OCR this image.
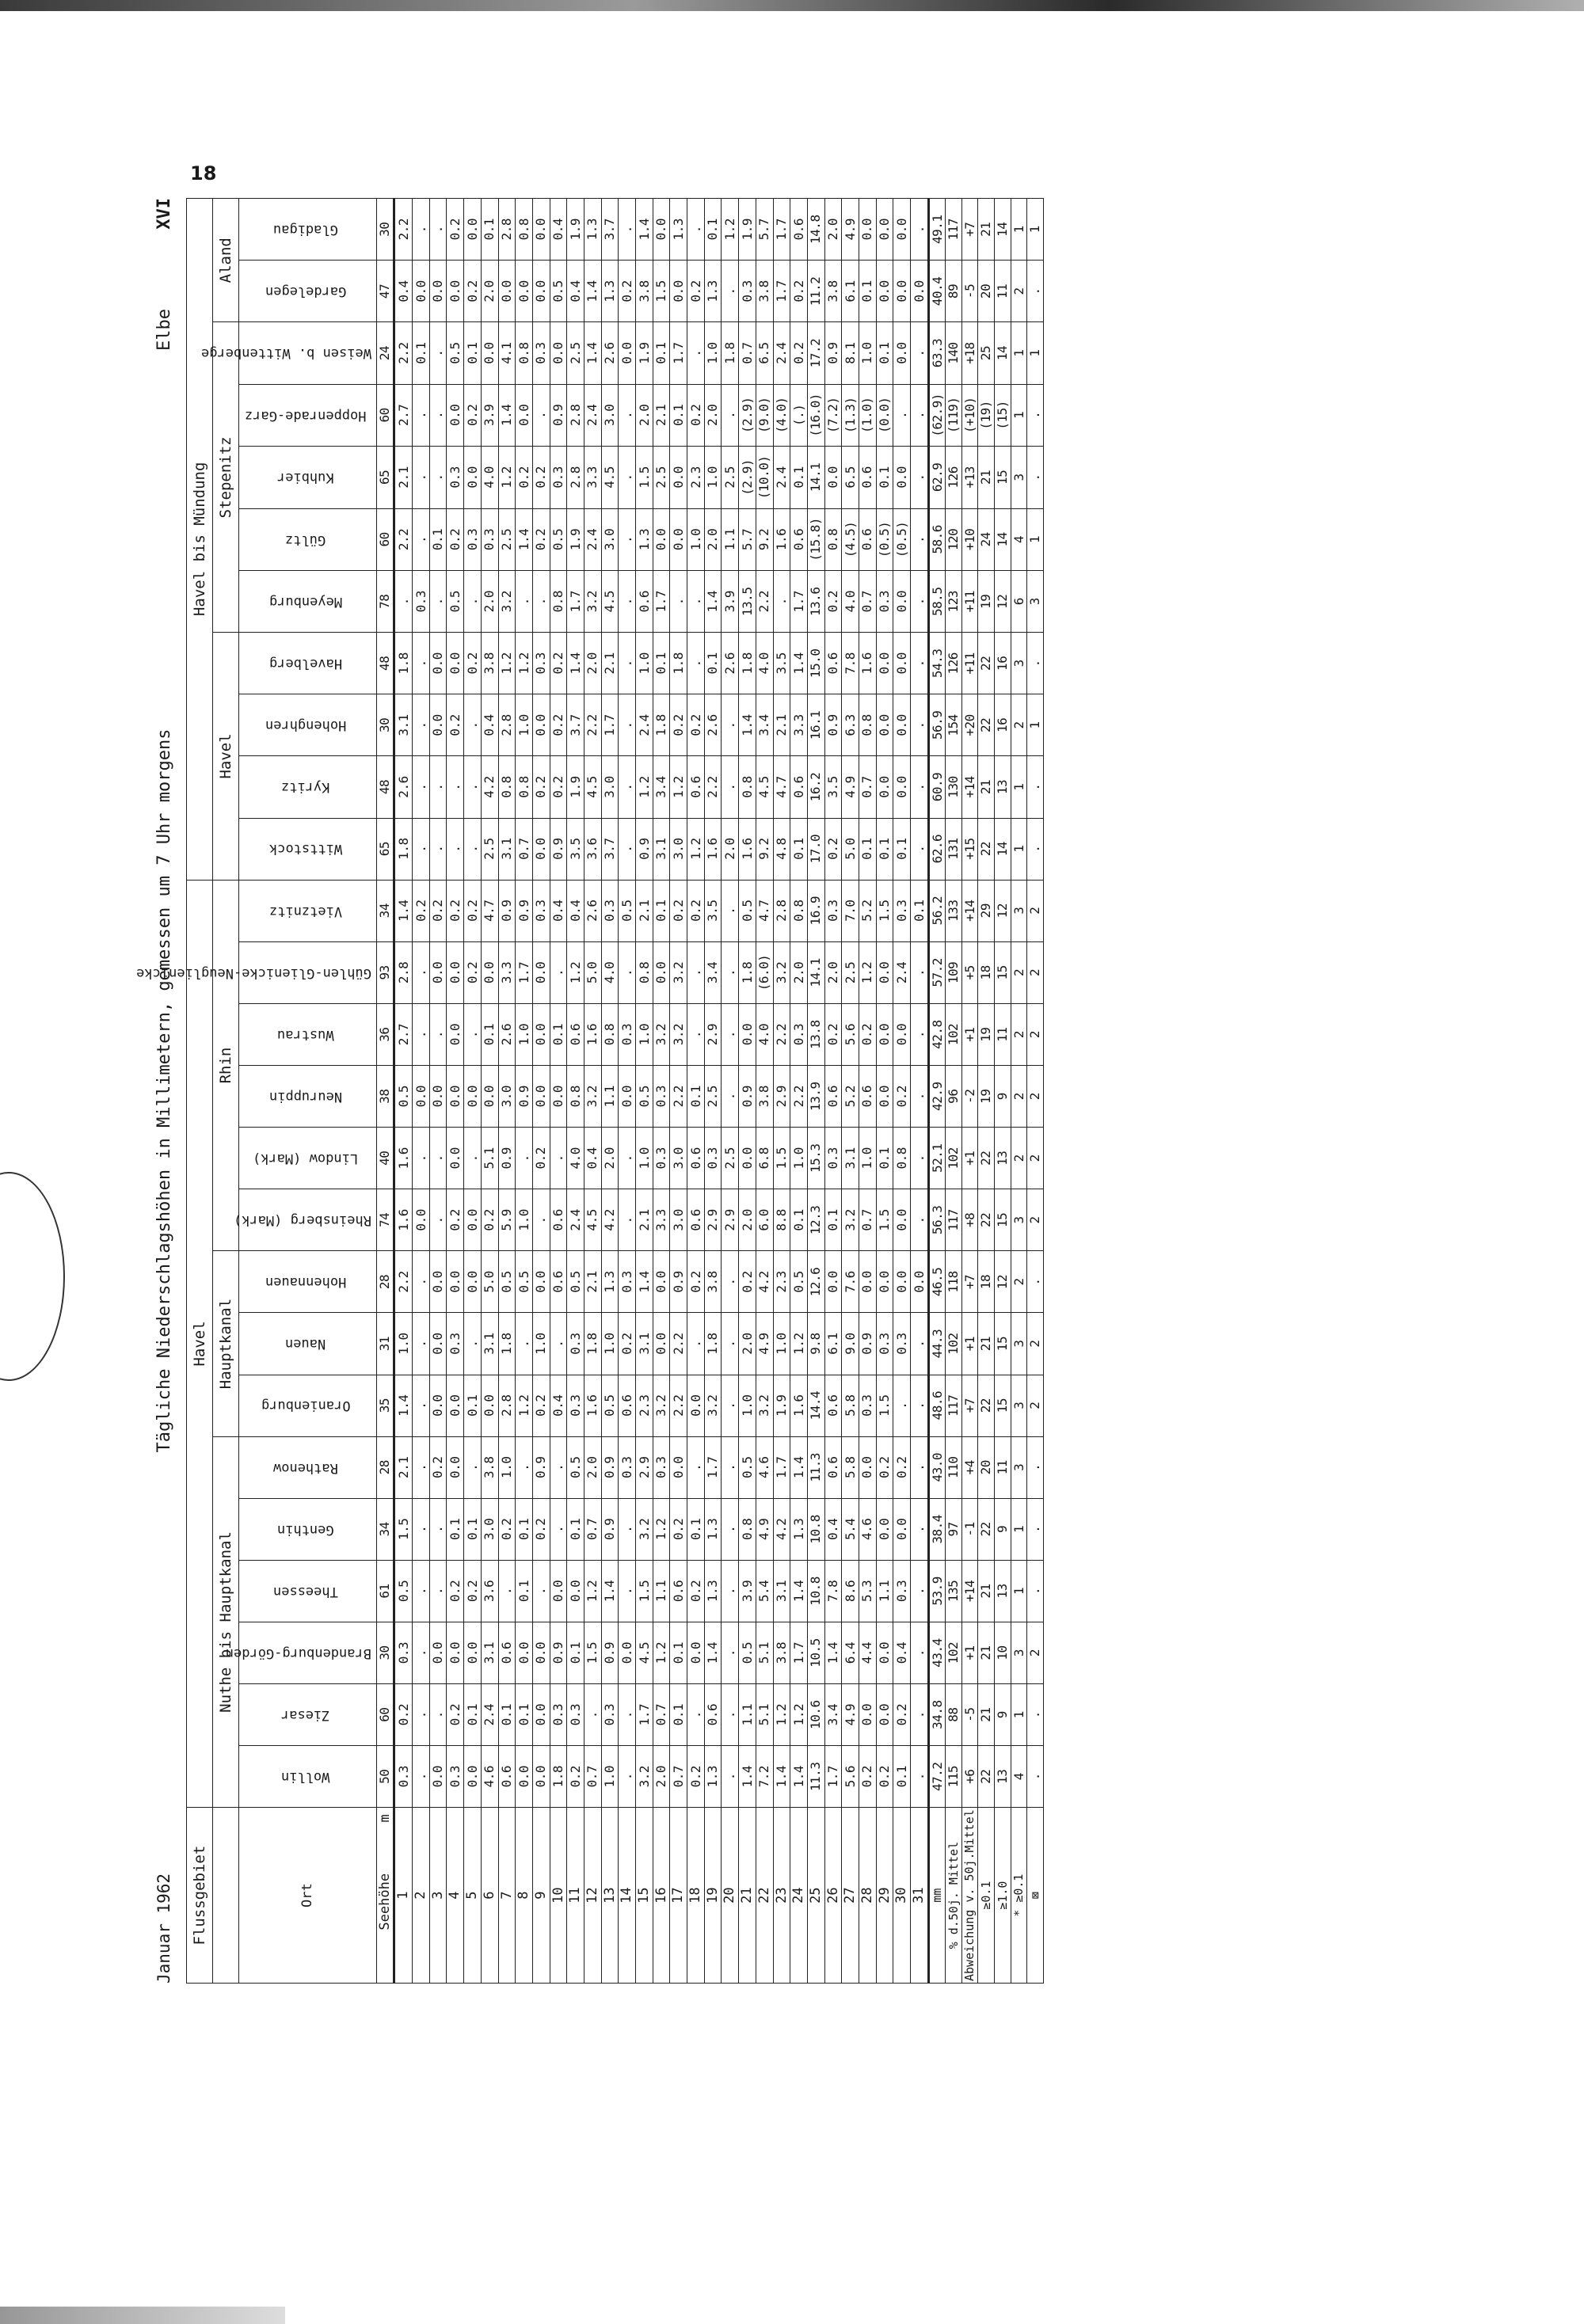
18
Januar 1962
Tägliche Niederschlagshöhen in Millimetern, gemessen um 7 Uhr morgens
Elbe
XVI
Flussgebiet	Havel															Havel bis Mündung										
	Nuthe bis Hauptkanal						Hauptkanal			Rhin						Havel				Stepenitz					Aland	
Ort	Wollin	Ziesar	Brandenburg-Görden	Theessen	Genthin	Rathenow	Oranienburg	Nauen	Hohennauen	Rheinsberg (Mark)	Lindow (Mark)	Neuruppin	Wustrau	Gühlen-Glienicke-Neuglienicke	Vietznitz	Wittstock	Kyritz	Hohenghren	Havelberg	Meyenburg	Gültz	Kuhbier	Hoppenrade-Garz	Weisen b. Wittenberge	Gardelegen	Gladigau
Seehöhe
m	50	60	30	61	34	28	35	31	28	74	40	38	36	93	34	65	48	30	48	78	60	65	60	24	47	30
1	0.3	0.2	0.3	0.5	1.5	2.1	1.4	1.0	2.2	1.6	1.6	0.5	2.7	2.8	1.4	1.8	2.6	3.1	1.8	.	2.2	2.1	2.7	2.2	0.4	2.2
2	.	.	.	.	.	.	.	.	.	0.0	.	0.0	.	.	0.2	.	.	.	.	0.3	.	.	.	0.1	0.0	.
3	0.0	.	0.0	.	.	0.2	0.0	0.0	0.0	.	.	0.0	.	0.0	0.2	.	.	0.0	0.0	.	0.1	.	.	.	0.0	.
4	0.3	0.2	0.0	0.2	0.1	0.0	0.0	0.3	0.0	0.2	0.0	0.0	0.0	0.0	0.2	.	.	0.2	0.0	0.5	0.2	0.3	0.0	0.5	0.0	0.2
5	0.0	0.1	0.0	0.2	0.1	.	0.1	.	0.0	0.0	.	0.0	.	0.2	0.2	.	.	.	0.2	.	0.3	0.0	0.2	0.1	0.2	0.0
6	4.6	2.4	3.1	3.6	3.0	3.8	0.0	3.1	5.0	0.2	5.1	0.0	0.1	0.0	4.7	2.5	4.2	0.4	3.8	2.0	0.3	4.0	3.9	0.0	2.0	0.1
7	0.6	0.1	0.6	.	0.2	1.0	2.8	1.8	0.5	5.9	0.9	3.0	2.6	3.3	0.9	3.1	0.8	2.8	1.2	3.2	2.5	1.2	1.4	4.1	0.0	2.8
8	0.0	0.1	0.0	0.1	0.1	.	1.2	.	0.5	1.0	.	0.9	1.0	1.7	0.9	0.7	0.8	1.0	1.2	.	1.4	0.2	0.0	0.8	0.0	0.8
9	0.0	0.0	0.0	.	0.2	0.9	0.2	1.0	0.0	.	0.2	0.0	0.0	0.0	0.3	0.0	0.2	0.0	0.3	.	0.2	0.2	.	0.3	0.0	0.0
10	1.8	0.3	0.9	0.0	.	.	0.4	.	0.6	0.6	.	0.0	0.1	.	0.4	0.9	0.2	0.2	0.2	0.8	0.5	0.3	0.9	0.0	0.5	0.4
11	0.2	0.3	0.1	0.0	0.1	0.5	0.3	0.3	0.5	2.4	4.0	0.8	0.6	1.2	0.4	3.5	1.9	3.7	1.4	1.7	1.9	2.8	2.8	2.5	0.4	1.9
12	0.7	.	1.5	1.2	0.7	2.0	1.6	1.8	2.1	4.5	0.4	3.2	1.6	5.0	2.6	3.6	4.5	2.2	2.0	3.2	2.4	3.3	2.4	1.4	1.4	1.3
13	1.0	0.3	0.9	1.4	0.9	0.9	0.5	1.0	1.3	4.2	2.0	1.1	0.8	4.0	0.3	3.7	3.0	1.7	2.1	4.5	3.0	4.5	3.0	2.6	1.3	3.7
14	.	.	0.0	.	.	0.3	0.6	0.2	0.3	.	.	0.0	0.3	.	0.5	.	.	.	.	.	.	.	.	0.0	0.2	.
15	3.2	1.7	4.5	1.5	3.2	2.9	2.3	3.1	1.4	2.1	1.0	0.5	1.0	0.8	2.1	0.9	1.2	2.4	1.0	0.6	1.3	1.5	2.0	1.9	3.8	1.4
16	2.0	0.7	1.2	1.1	1.2	0.3	3.2	0.0	0.0	3.3	0.3	0.3	3.2	0.0	0.1	3.1	3.4	1.8	0.1	1.7	0.0	2.5	2.1	0.1	1.5	0.0
17	0.7	0.1	0.1	0.6	0.2	0.0	2.2	2.2	0.9	3.0	3.0	2.2	3.2	3.2	0.2	3.0	1.2	0.2	1.8	.	0.0	0.0	0.1	1.7	0.0	1.3
18	0.2	.	0.0	0.2	0.1	.	0.0	.	0.2	0.6	0.6	0.1	.	.	0.2	1.2	0.6	0.2	.	.	1.0	2.3	0.2	.	0.2	.
19	1.3	0.6	1.4	1.3	1.3	1.7	3.2	1.8	3.8	2.9	0.3	2.5	2.9	3.4	3.5	1.6	2.2	2.6	0.1	1.4	2.0	1.0	2.0	1.0	1.3	0.1
20	.	.	.	.	.	.	.	.	.	2.9	2.5	.	.	.	.	2.0	.	.	2.6	3.9	1.1	2.5	.	1.8	.	1.2
21	1.4	1.1	0.5	3.9	0.8	0.5	1.0	2.0	0.2	2.0	0.0	0.9	0.0	1.8	0.5	1.6	0.8	1.4	1.8	13.5	5.7	(2.9)	(2.9)	0.7	0.3	1.9
22	7.2	5.1	5.1	5.4	4.9	4.6	3.2	4.9	4.2	6.0	6.8	3.8	4.0	(6.0)	4.7	9.2	4.5	3.4	4.0	2.2	9.2	(10.0)	(9.0)	6.5	3.8	5.7
23	1.4	1.2	3.8	3.1	4.2	1.7	1.9	1.0	2.3	8.8	1.5	2.9	2.2	3.2	2.8	4.8	4.7	2.1	3.5	.	1.6	2.4	(4.0)	2.4	1.7	1.7
24	1.4	1.2	1.7	1.4	1.3	1.4	1.6	1.2	0.5	0.1	1.0	2.2	0.3	2.0	0.8	0.1	0.6	3.3	1.4	1.7	0.6	0.1	(.)	0.2	0.2	0.6
25	11.3	10.6	10.5	10.8	10.8	11.3	14.4	9.8	12.6	12.3	15.3	13.9	13.8	14.1	16.9	17.0	16.2	16.1	15.0	13.6	(15.8)	14.1	(16.0)	17.2	11.2	14.8
26	1.7	3.4	1.4	7.8	0.4	0.6	0.6	6.1	0.0	0.1	0.3	0.6	0.2	2.0	0.3	0.2	3.5	0.9	0.6	0.2	0.8	0.0	(7.2)	0.9	3.8	2.0
27	5.6	4.9	6.4	8.6	5.4	5.8	5.8	9.0	7.6	3.2	3.1	5.2	5.6	2.5	7.0	5.0	4.9	6.3	7.8	4.0	(4.5)	6.5	(1.3)	8.1	6.1	4.9
28	0.2	0.0	4.4	5.3	4.6	0.0	0.3	0.9	0.0	0.7	1.0	0.6	0.2	1.2	5.2	0.1	0.7	0.8	1.6	0.7	0.6	0.6	(1.0)	1.0	0.1	0.0
29	0.2	0.0	0.0	1.1	0.0	0.2	1.5	0.3	0.0	1.5	0.1	0.0	0.0	0.0	1.5	0.1	0.0	0.0	0.0	0.3	(0.5)	0.1	(0.0)	0.1	0.0	0.0
30	0.1	0.2	0.4	0.3	0.0	0.2	.	0.3	0.0	0.0	0.8	0.2	0.0	2.4	0.3	0.1	0.0	0.0	0.0	0.0	(0.5)	0.0	.	0.0	0.0	0.0
31	.	.	.	.	.	.	.	.	0.0	.	.	.	.	.	0.1	.	.	.	.	.	.	.	.	.	0.0	.
mm	47.2	34.8	43.4	53.9	38.4	43.0	48.6	44.3	46.5	56.3	52.1	42.9	42.8	57.2	56.2	62.6	60.9	56.9	54.3	58.5	58.6	62.9	(62.9)	63.3	40.4	49.1
% d.50j. Mittel	115	88	102	135	97	110	117	102	118	117	102	96	102	109	133	131	130	154	126	123	120	126	(119)	140	89	117
Abweichung v. 50j.Mittel	+6	-5	+1	+14	-1	+4	+7	+1	+7	+8	+1	-2	+1	+5	+14	+15	+14	+20	+11	+11	+10	+13	(+10)	+18	-5	+7
≥0.1	22	21	21	21	22	20	22	21	18	22	22	19	19	18	29	22	21	22	22	19	24	21	(19)	25	20	21
≥1.0	13	9	10	13	9	11	15	15	12	15	13	9	11	15	12	14	13	16	16	12	14	15	(15)	14	11	14
* ≥0.1	4	1	3	1	1	3	3	3	2	3	2	2	2	2	3	1	1	2	3	6	4	3	1	1	2	1
⊠	.	.	2	.	.	.	2	2	.	2	2	2	2	2	2	.	.	1	.	3	1	.	.	1	.	1
